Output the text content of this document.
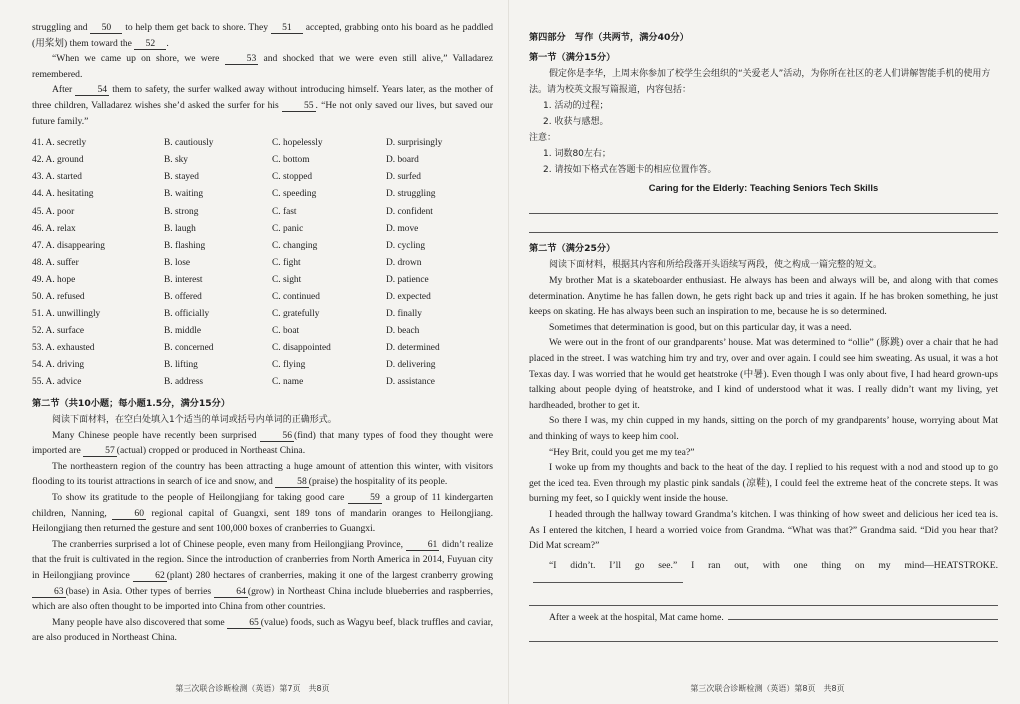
struggling and 50 to help them get back to shore. They 51 accepted, grabbing onto his board as he paddled (用桨划) them toward the 52 .

“When we came up on shore, we were 53 and shocked that we were even still alive,” Valladarez remembered.

After 54 them to safety, the surfer walked away without introducing himself. Years later, as the mother of three children, Valladarez wishes she’d asked the surfer for his 55 . “He not only saved our lives, but saved our future family.”

41. A. secretly	B. cautiously	C. hopelessly	D. surprisingly
42. A. ground	B. sky	C. bottom	D. board
43. A. started	B. stayed	C. stopped	D. surfed
44. A. hesitating	B. waiting	C. speeding	D. struggling
45. A. poor	B. strong	C. fast	D. confident
46. A. relax	B. laugh	C. panic	D. move
47. A. disappearing	B. flashing	C. changing	D. cycling
48. A. suffer	B. lose	C. fight	D. drown
49. A. hope	B. interest	C. sight	D. patience
50. A. refused	B. offered	C. continued	D. expected
51. A. unwillingly	B. officially	C. gratefully	D. finally
52. A. surface	B. middle	C. boat	D. beach
53. A. exhausted	B. concerned	C. disappointed	D. determined
54. A. driving	B. lifting	C. flying	D. delivering
55. A. advice	B. address	C. name	D. assistance
第二节（共10小题；每小题1.5分，满分15分）
阅读下面材料，在空白处填入1个适当的单词或括号内单词的正确形式。

Many Chinese people have recently been surprised 56 (find) that many types of food they thought were imported are 57 (actual) cropped or produced in Northeast China.

The northeastern region of the country has been attracting a huge amount of attention this winter, with visitors flooding to its tourist attractions in search of ice and snow, and 58 (praise) the hospitality of its people.

To show its gratitude to the people of Heilongjiang for taking good care 59 a group of 11 kindergarten children, Nanning, 60 regional capital of Guangxi, sent 189 tons of mandarin oranges to Heilongjiang. Heilongjiang then returned the gesture and sent 100,000 boxes of cranberries to Guangxi.

The cranberries surprised a lot of Chinese people, even many from Heilongjiang Province, 61 didn’t realize that the fruit is cultivated in the region. Since the introduction of cranberries from North America in 2014, Fuyuan city in Heilongjiang province 62 (plant) 280 hectares of cranberries, making it one of the largest cranberry growing 63 (base) in Asia. Other types of berries 64 (grow) in Northeast China include blueberries and raspberries, which are also often thought to be imported into China from other countries.

Many people have also discovered that some 65 (value) foods, such as Wagyu beef, black truffles and caviar, are also produced in Northeast China.

第三次联合诊断检测（英语）第7页　共8页
第四部分　写作（共两节，满分40分）
第一节（满分15分）
假定你是李华，上周末你参加了校学生会组织的“关爱老人”活动，为你所在社区的老人们讲解智能手机的使用方法。请为校英文报写篇报道，内容包括：
1. 活动的过程；
2. 收获与感想。
注意：
1. 词数80左右；
2. 请按如下格式在答题卡的相应位置作答。
Caring for the Elderly: Teaching Seniors Tech Skills
第二节（满分25分）
阅读下面材料，根据其内容和所给段落开头语续写两段，使之构成一篇完整的短文。

My brother Mat is a skateboarder enthusiast. He always has been and always will be, and along with that comes determination. Anytime he has fallen down, he gets right back up and tries it again. If he has broken something, he just keeps on skating. He has always been such an inspiration to me, because he is so determined.

Sometimes that determination is good, but on this particular day, it was a need.

We were out in the front of our grandparents’ house. Mat was determined to “ollie” (豚跳) over a chair that he had placed in the street. I was watching him try and try, over and over again. I could see him sweating. As usual, it was a hot Texas day. I was worried that he would get heatstroke (中暑). Even though I was only about five, I had heard grown-ups talking about people dying of heatstroke, and I kind of understood what it was. I really didn’t want my living, yet hardheaded, brother to get it.

So there I was, my chin cupped in my hands, sitting on the porch of my grandparents’ house, worrying about Mat and thinking of ways to keep him cool.

“Hey Brit, could you get me my tea?”

I woke up from my thoughts and back to the heat of the day. I replied to his request with a nod and stood up to go get the iced tea. Even through my plastic pink sandals (凉鞋), I could feel the extreme heat of the concrete steps. It was burning my feet, so I quickly went inside the house.

I headed through the hallway toward Grandma’s kitchen. I was thinking of how sweet and delicious her iced tea is. As I entered the kitchen, I heard a worried voice from Grandma. “What was that?” Grandma said. “Did you hear that? Did Mat scream?”

“I didn’t. I’ll go see.” I ran out, with one thing on my mind—HEATSTROKE.

After a week at the hospital, Mat came home.

第三次联合诊断检测（英语）第8页　共8页
